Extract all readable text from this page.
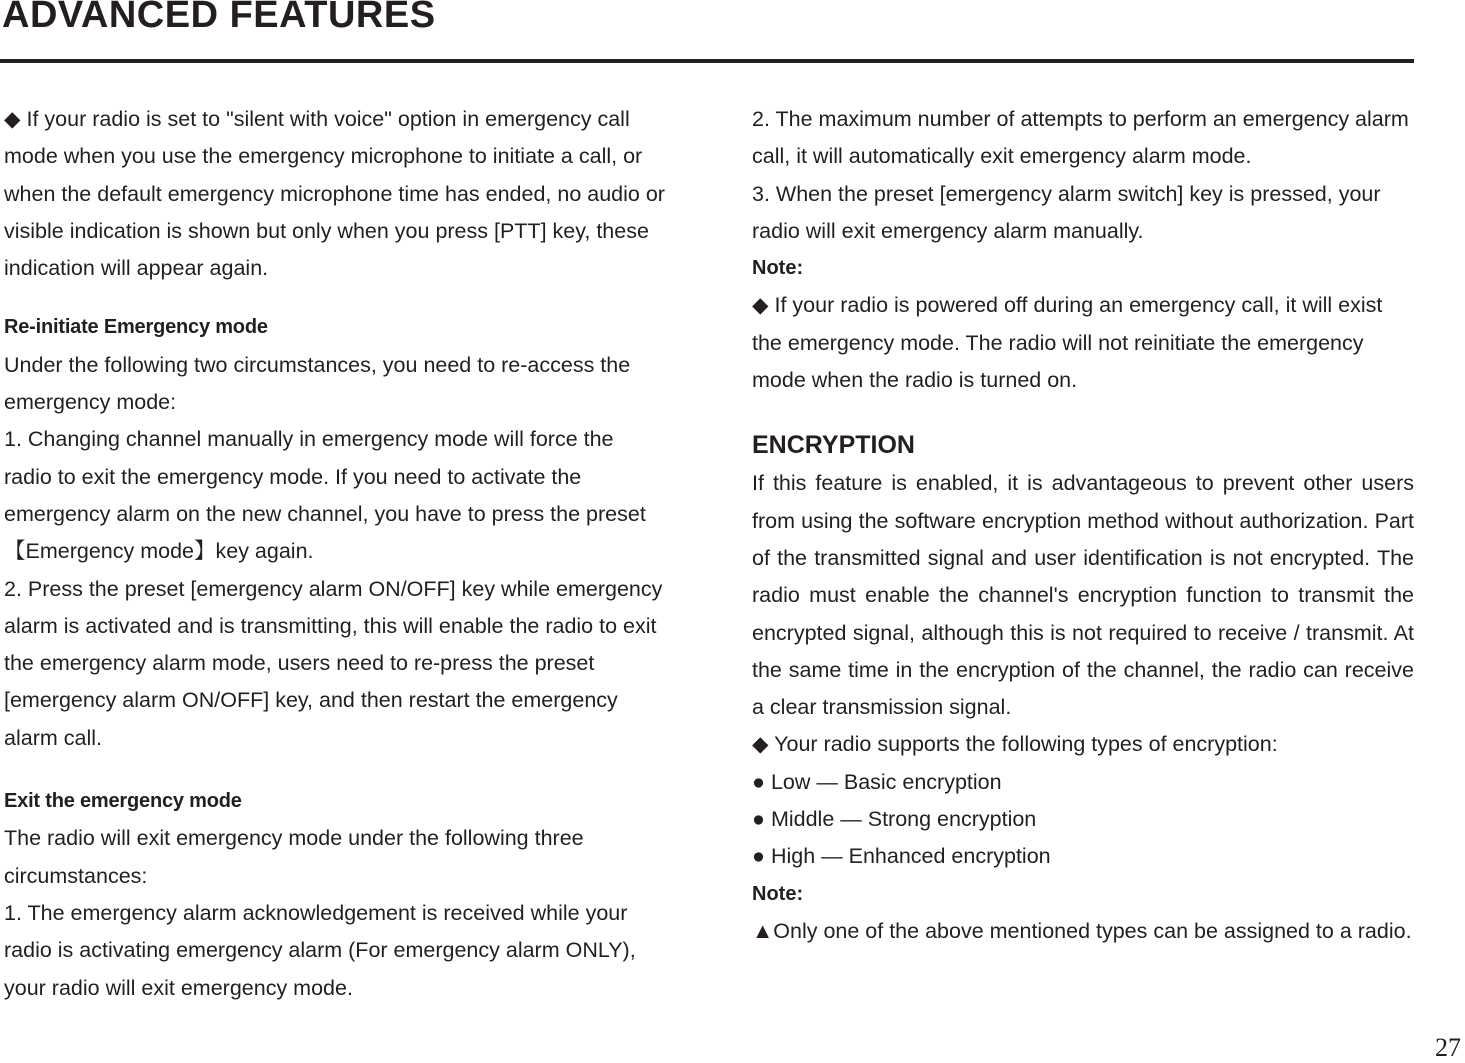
ADVANCED FEATURES

◆ If your radio is set to "silent with voice" option in emergency call mode when you use the emergency microphone to initiate a call, or when the default emergency microphone time has ended, no audio or visible indication is shown but only when you press [PTT] key, these indication will appear again.

Re-initiate Emergency mode

Under the following two circumstances, you need to re-access the emergency mode:

1. Changing channel manually in emergency mode will force the radio to exit the emergency mode. If you need to activate the emergency alarm on the new channel, you have to press the preset 【Emergency mode】key again.

2. Press the preset [emergency alarm ON/OFF] key while emergency alarm is activated and is transmitting, this will enable the radio to exit the emergency alarm mode, users need to re-press the preset [emergency alarm ON/OFF] key, and then restart the emergency alarm call.

Exit the emergency mode

The radio will exit emergency mode under the following three circumstances:

1. The emergency alarm acknowledgement is received while your radio is activating emergency alarm (For emergency alarm ONLY), your radio will exit emergency mode.

2. The maximum number of attempts to perform an emergency alarm call, it will automatically exit emergency alarm mode.

3. When the preset [emergency alarm switch] key is pressed, your radio will exit emergency alarm manually.

Note:

◆ If your radio is powered off during an emergency call, it will exist the emergency mode. The radio will not reinitiate the emergency mode when the radio is turned on.

ENCRYPTION

If this feature is enabled, it is advantageous to prevent other users from using the software encryption method without authorization. Part of the transmitted signal and user identification is not encrypted. The radio must enable the channel's encryption function to transmit the encrypted signal, although this is not required to receive / transmit. At the same time in the encryption of the channel, the radio can receive a clear transmission signal.

◆ Your radio supports the following types of encryption:

● Low — Basic encryption

● Middle — Strong encryption

● High — Enhanced encryption

Note:

▲Only one of the above mentioned types can be assigned to a radio.

27
